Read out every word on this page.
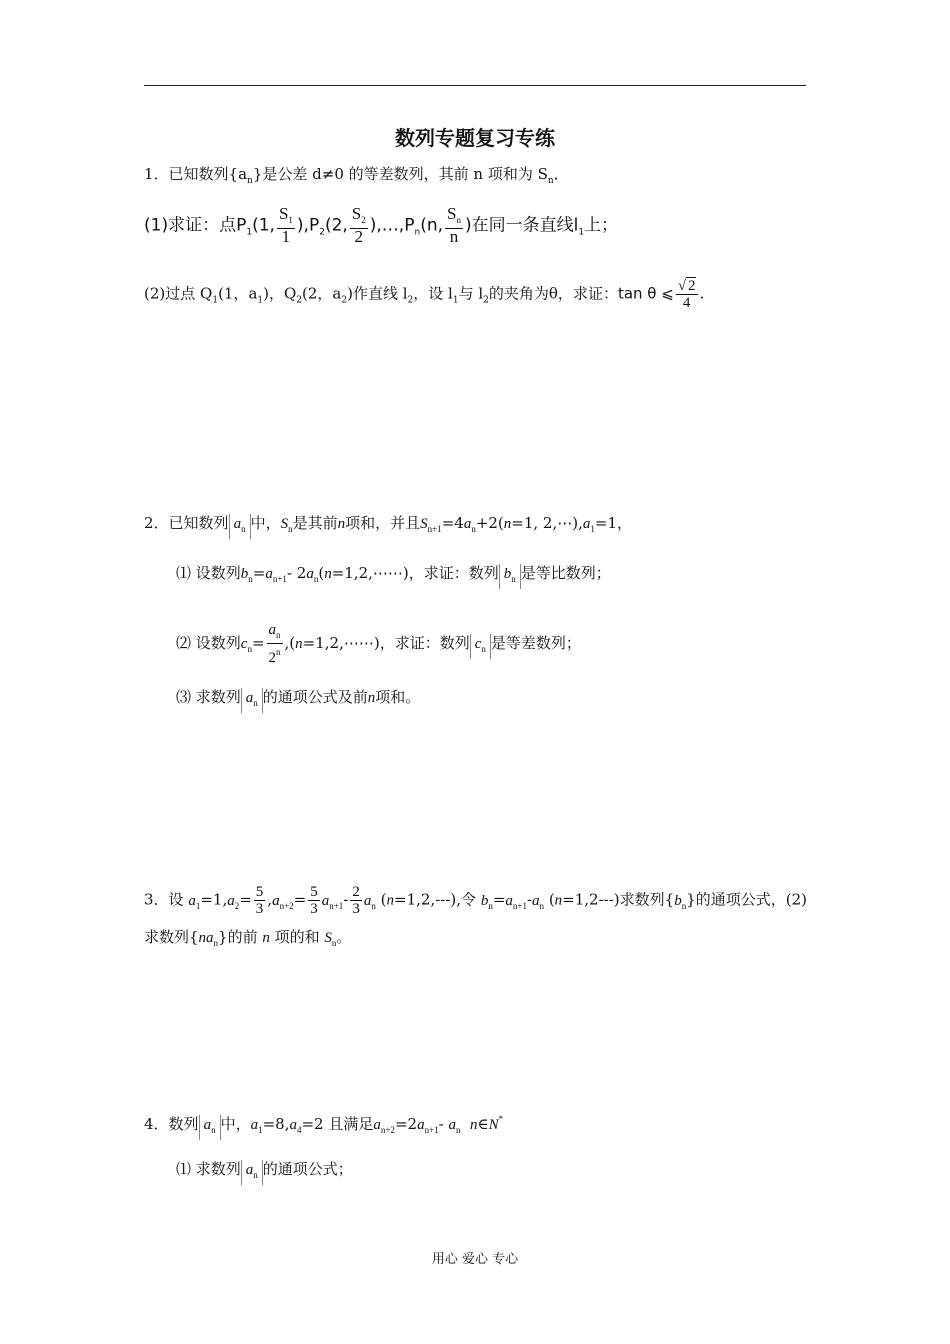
数列专题复习专练
1．已知数列$\{a_n\}$是公差 d≠0 的等差数列，其前 n 项和为 $S_n$．
(1)求证：点$P_1(1$, $\frac{S_1}{1} ),P_2(2$, $\frac{S_2}{2}$ )$,\dots,P_n(n$, $\frac{S_n}{n}$ )在同一条直线$l_1$上；
(2)过点 $Q_1(1$，$a_1$)，$Q_2(2$，$a_2$)作直线 $l_2$，设 $l_1$与 $l_2$的夹角为θ，求证：tan θ ⩽ $\frac{√ 2}{4}$ .
2．已知数列 $a_n$ 中，$S_n$是其前n项和，并且$S_{n+1}=4a_n+2(n=1$, $2,\cdots),a_1=1$，
⑴ 设数列$b_n=a_{n+1}-$ $2a_n(n=1,2,\cdots\cdots)$，求证：数列 $b_n$ 是等比数列；
⑵ 设数列$c_n= \frac{a_n}{2^n}$ ,(n=1,2,⋯⋯)，求证：数列 $c_n$ 是等差数列；
⑶ 求数列 $a_n$ 的通项公式及前n项和。
3．设 $a_1=1,a_2= \frac{5}{3} ,a_{n+2}= \frac{5}{3} a_{n+1}- \frac{2}{3} a_n$ (n=1,2,---),令 $b_n=a_{n+1}-a_n$ (n=1,2---)求数列$\{b_n\}$的通项公式，(2)
求数列$\{na_n\}$的前 n 项的和 $S_n$。
4．数列 $a_n$ 中，$a_1=8,a_4=2$ 且满足$a_{n+2}=2a_{n+1}-$ $a_n$ n∈N*
⑴ 求数列 $a_n$ 的通项公式；
用心 爱心 专心
